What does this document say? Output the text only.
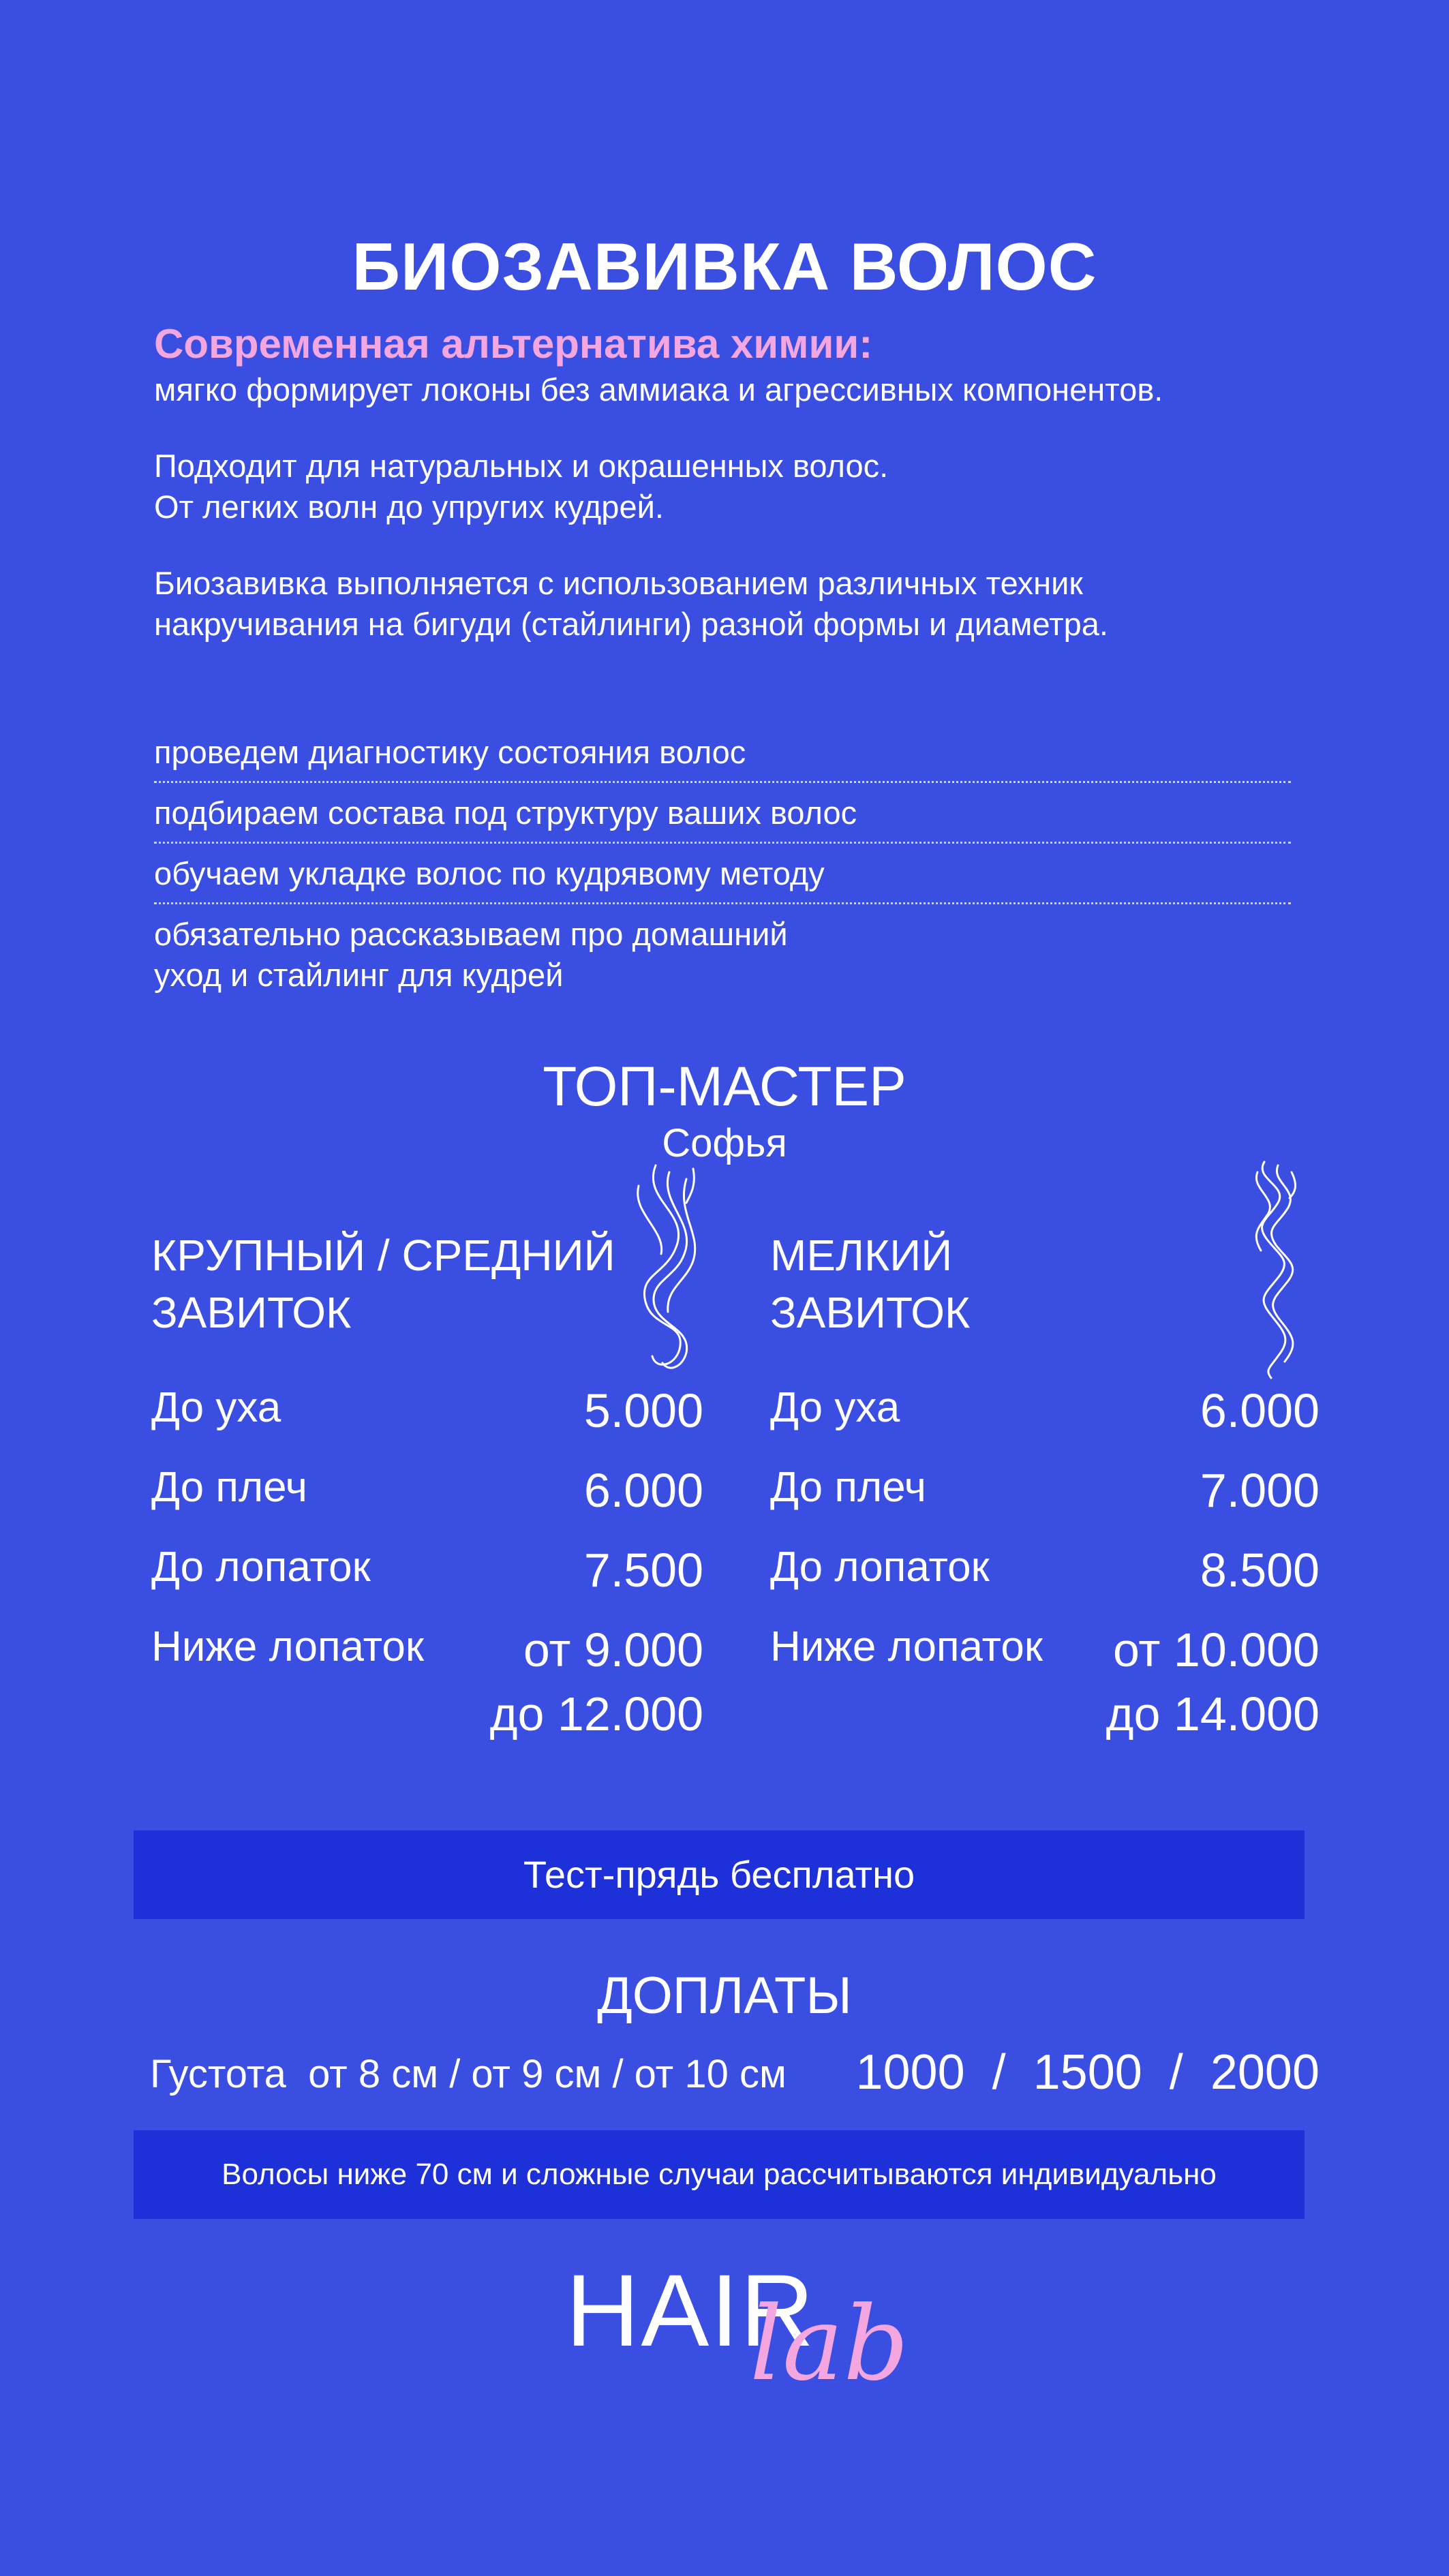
БИОЗАВИВКА ВОЛОС
Современная альтернатива химии:
мягко формирует локоны без аммиака и агрессивных компонентов.
Подходит для натуральных и окрашенных волос.
От легких волн до упругих кудрей.
Биозавивка выполняется с использованием различных техник
накручивания на бигуди (стайлинги) разной формы и диаметра.
проведем диагностику состояния волос
подбираем состава под структуру ваших волос
обучаем укладке волос по кудрявому методу
обязательно рассказываем про домашний
уход и стайлинг для кудрей
ТОП-МАСТЕР
Софья
КРУПНЫЙ / СРЕДНИЙ
ЗАВИТОК
До уха	5.000
До плеч	6.000
До лопаток	7.500
Ниже лопаток от 9.000
до 12.000
МЕЛКИЙ
ЗАВИТОК
До уха	6.000
До плеч	7.000
До лопаток	8.500
Ниже лопаток от 10.000
до 14.000
Тест-прядь бесплатно
ДОПЛАТЫ
Густота  от 8 см / от 9 см / от 10 см 1000  /  1500  /  2000
Волосы ниже 70 см и сложные случаи рассчитываются индивидуально
HAIR
lab
